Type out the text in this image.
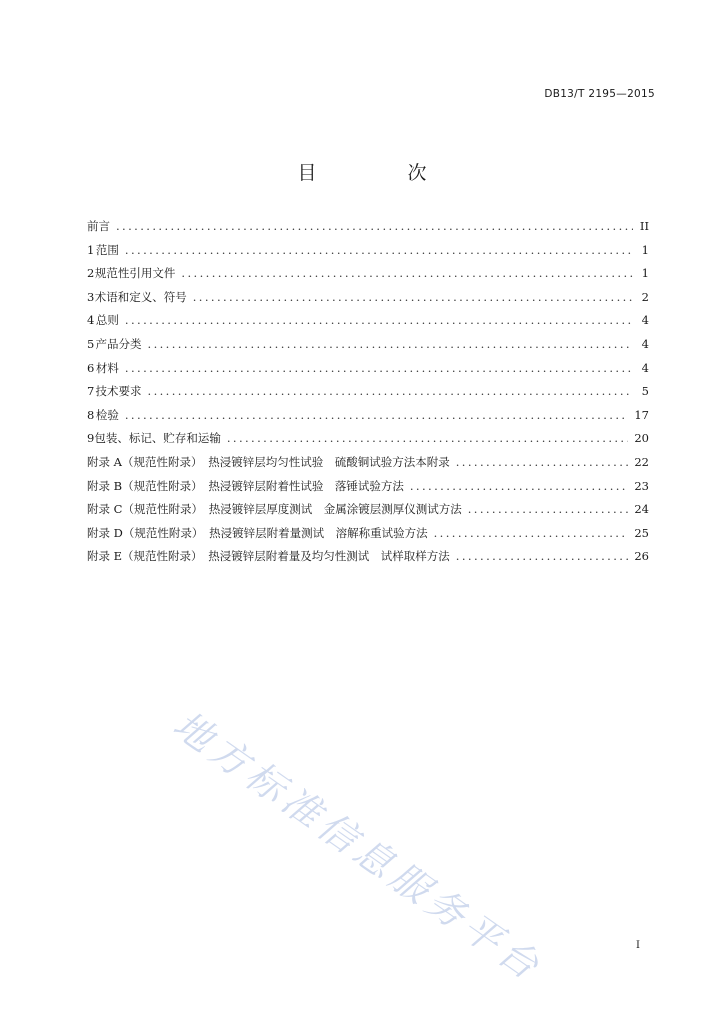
DB13/T 2195—2015
目　次
前言 .....	II
1 范围 .....	1
2 规范性引用文件 .....	1
3 术语和定义、符号 .....	2
4 总则 .....	4
5 产品分类 .....	4
6 材料 .....	4
7 技术要求 .....	5
8 检验 .....	17
9 包装、标记、贮存和运输 .....	20
附录 A（规范性附录）　热浸镀锌层均匀性试验　硫酸铜试验方法本附录 .....	22
附录 B（规范性附录）　热浸镀锌层附着性试验　落锤试验方法 .....	23
附录 C（规范性附录）　热浸镀锌层厚度测试　金属涂镀层测厚仪测试方法 .....	24
附录 D（规范性附录）　热浸镀锌层附着量测试　溶解称重试验方法 .....	25
附录 E（规范性附录）　热浸镀锌层附着量及均匀性测试　试样取样方法 .....	26
地方标准信息服务平台	I
